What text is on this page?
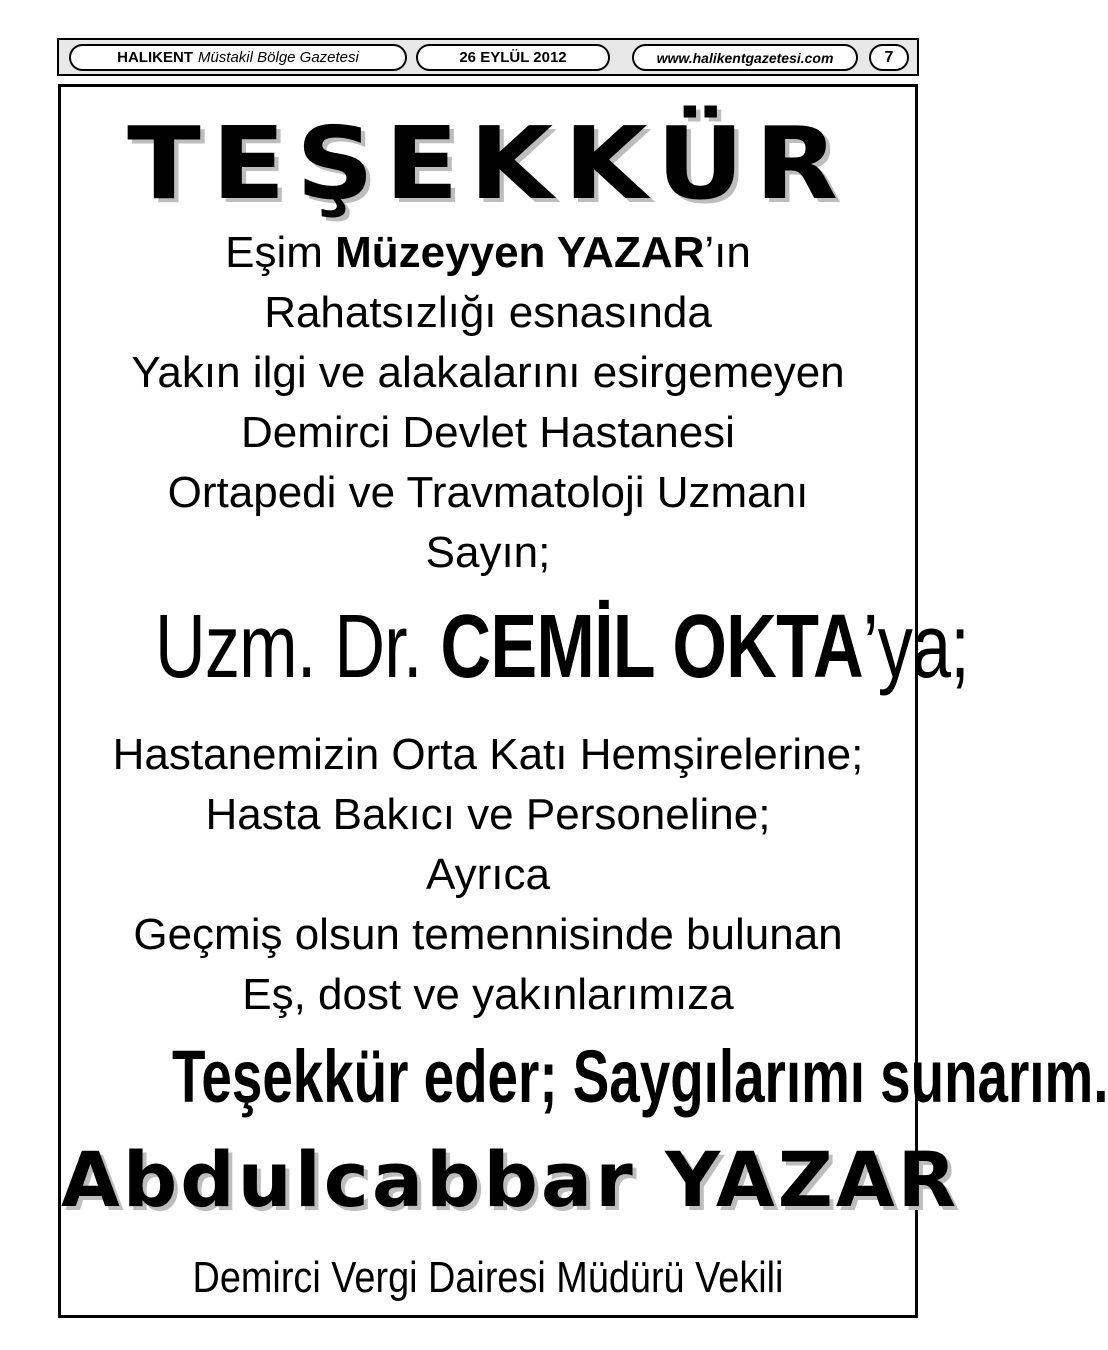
HALIKENT Müstakil Bölge Gazetesi	26 EYLÜL 2012	www.halikentgazetesi.com	7
TEŞEKKÜR
Eşim Müzeyyen YAZAR’ın
Rahatsızlığı esnasında
Yakın ilgi ve alakalarını esirgemeyen
Demirci Devlet Hastanesi
Ortapedi ve Travmatoloji Uzmanı
Sayın;
Uzm. Dr. CEMİL OKTA’ya;
Hastanemizin Orta Katı Hemşirelerine;
Hasta Bakıcı ve Personeline;
Ayrıca
Geçmiş olsun temennisinde bulunan
Eş, dost ve yakınlarımıza
Teşekkür eder; Saygılarımı sunarım.
Abdulcabbar YAZAR
Demirci Vergi Dairesi Müdürü Vekili
